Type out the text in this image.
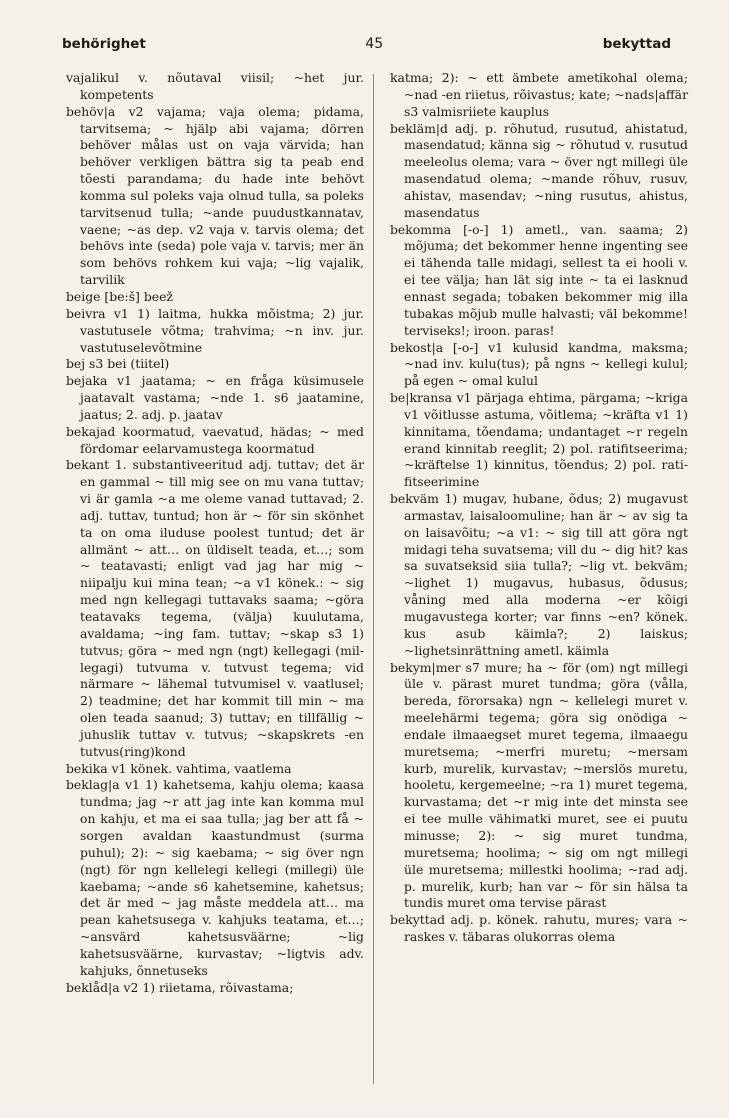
behörighet	45	bekyttad

vajalikul v. nõutaval viisil; ~het jur. kompetents

behöv|a v2 vajama; vaja olema; pidama, tarvitsema; ~ hjälp abi vajama; dörren behöver målas ust on vaja värvida; han behöver verkligen bättra sig ta peab end tõesti parandama; du hade inte behövt komma sul poleks vaja olnud tulla, sa poleks tarvitsenud tulla; ~ande puudustkannatav, vaene; ~as dep. v2 vaja v. tarvis olema; det behövs inte (seda) pole vaja v. tarvis; mer än som behövs rohkem kui vaja; ~lig vajalik, tarvilik

beige [be:š] beež

beivra v1 1) laitma, hukka mõistma; 2) jur. vastutusele võtma; trahvima; ~n inv. jur. vastutuselevõtmine

bej s3 bei (tiitel)

bejaka v1 jaatama; ~ en fråga küsimusele jaatavalt vastama; ~nde 1. s6 jaatamine, jaatus; 2. adj. p. jaatav

bekajad koormatud, vaevatud, hädas; ~ med fördomar eelarvamustega koormatud

bekant 1. substantiveeritud adj. tuttav; det är en gammal ~ till mig see on mu vana tuttav; vi är gamla ~a me oleme vanad tuttavad; 2. adj. tuttav, tuntud; hon är ~ för sin skönhet ta on oma iluduse poolest tuntud; det är allmänt ~ att… on üldiselt teada, et…; som ~ teatavasti; enligt vad jag har mig ~ niipalju kui mina tean; ~a v1 könek.: ~ sig med ngn kellegagi tuttavaks saama; ~göra teatavaks tegema, (välja) kuulutama, avaldama; ~ing fam. tuttav; ~skap s3 1) tutvus; göra ~ med ngn (ngt) kellegagi (millegagi) tutvuma v. tutvust tegema; vid närmare ~ lähemal tutvumisel v. vaatlusel; 2) teadmine; det har kommit till min ~ ma olen teada saanud; 3) tuttav; en tillfällig ~ juhuslik tuttav v. tutvus; ~skapskrets -en tutvus(ring)kond

bekika v1 könek. vahtima, vaatlema

beklag|a v1 1) kahetsema, kahju olema; kaasa tundma; jag ~r att jag inte kan komma mul on kahju, et ma ei saa tulla; jag ber att få ~ sorgen avaldan kaastundmust (surma puhul); 2): ~ sig kaebama; ~ sig över ngn (ngt) för ngn kellelegi kellegi (millegi) üle kaebama; ~ande s6 kahetsemine, kahetsus; det är med ~ jag måste meddela att… ma pean kahetsusega v. kahjuks teatama, et…; ~ansvärd kahetsusväärne; ~lig kahetsusväärne, kurvastav; ~ligtvis adv. kahjuks, õnnetuseks

beklåd|a v2 1) riietama, rõivastama;

katma; 2): ~ ett ämbete ametikohal olema; ~nad -en riietus, rõivastus; kate; ~nads|affär s3 valmisriiete kauplus

bekläm|d adj. p. rõhutud, rusutud, ahistatud, masendatud; känna sig ~ rõhutud v. rusutud meeleolus olema; vara ~ över ngt millegi üle masendatud olema; ~mande rõhuv, rusuv, ahistav, masendav; ~ning rusutus, ahistus, masendatus

bekomma [-o-] 1) ametl., van. saama; 2) mõjuma; det bekommer henne ingenting see ei tähenda talle midagi, sellest ta ei hooli v. ei tee välja; han lät sig inte ~ ta ei lasknud ennast segada; tobaken bekommer mig illa tubakas mõjub mulle halvasti; väl bekomme! terviseks!; iroon. paras!

bekost|a [-o-] v1 kulusid kandma, maksma; ~nad inv. kulu(tus); på ngns ~ kellegi kulul; på egen ~ omal kulul

be|kransa v1 pärjaga ehtima, pärgama; ~kriga v1 võitlusse astuma, võitlema; ~kräfta v1 1) kinnitama, tõendama; undantaget ~r regeln erand kinnitab reeglit; 2) pol. ratifitseerima; ~kräftelse 1) kinnitus, tõendus; 2) pol. ratifitseerimine

bekväm 1) mugav, hubane, õdus; 2) mugavust armastav, laisaloomuline; han är ~ av sig ta on laisavõitu; ~a v1: ~ sig till att göra ngt midagi teha suvatsema; vill du ~ dig hit? kas sa suvatseksid siia tulla?; ~lig vt. bekväm; ~lighet 1) mugavus, hubasus, õdusus; våning med alla moderna ~er kõigi mugavustega korter; var finns ~en? könek. kus asub käimla?; 2) laiskus; ~lighetsinrättning ametl. käimla

bekym|mer s7 mure; ha ~ för (om) ngt millegi üle v. pärast muret tundma; göra (vålla, bereda, förorsaka) ngn ~ kellelegi muret v. meelehärmi tegema; göra sig onödiga ~ endale ilmaaegset muret tegema, ilmaaegu muretsema; ~merfri muretu; ~mersam kurb, murelik, kurvastav; ~merslös muretu, hooletu, kergemeelne; ~ra 1) muret tegema, kurvastama; det ~r mig inte det minsta see ei tee mulle vähimatki muret, see ei puutu minusse; 2): ~ sig muret tundma, muretsema; hoolima; ~ sig om ngt millegi üle muretsema; millestki hoolima; ~rad adj. p. murelik, kurb; han var ~ för sin hälsa ta tundis muret oma tervise pärast

bekyttad adj. p. könek. rahutu, mures; vara ~ raskes v. täbaras olukorras olema
